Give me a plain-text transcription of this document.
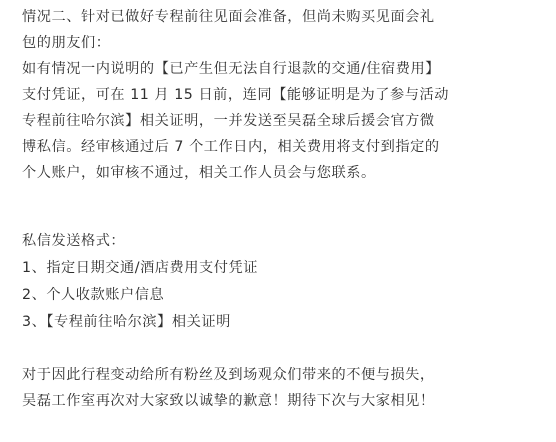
情况二、针对已做好专程前往见面会准备，但尚未购买见面会礼
包的朋友们：
如有情况一内说明的【已产生但无法自行退款的交通/住宿费用】
支付凭证，可在 11 月 15 日前，连同【能够证明是为了参与活动
专程前往哈尔滨】相关证明，一并发送至吴磊全球后援会官方微
博私信。经审核通过后 7 个工作日内，相关费用将支付到指定的
个人账户，如审核不通过，相关工作人员会与您联系。
私信发送格式：
1、指定日期交通/酒店费用支付凭证
2、个人收款账户信息
3、【专程前往哈尔滨】相关证明
对于因此行程变动给所有粉丝及到场观众们带来的不便与损失，
吴磊工作室再次对大家致以诚挚的歉意！期待下次与大家相见！
